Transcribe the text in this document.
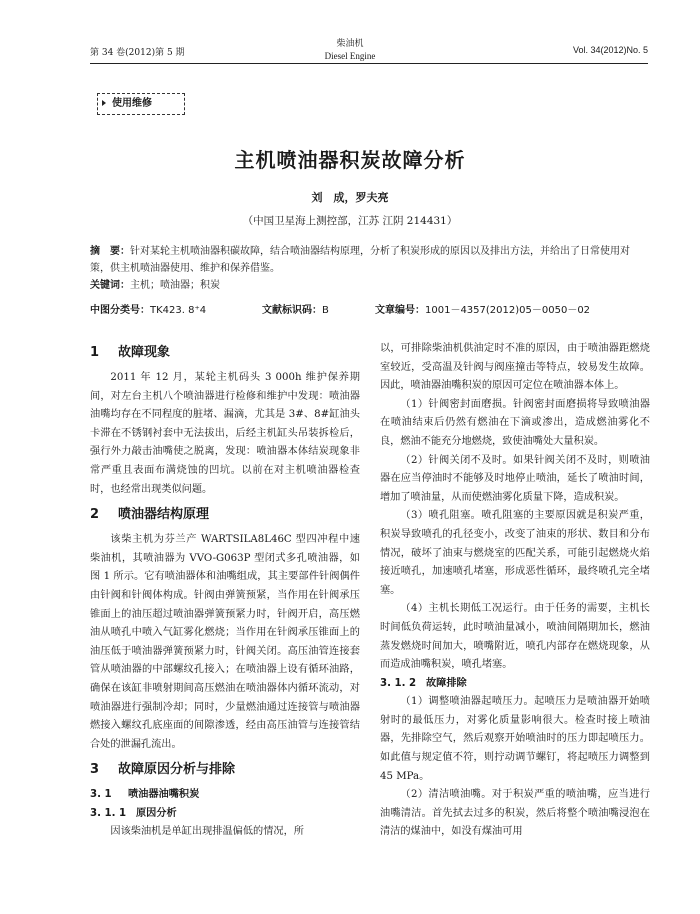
第 34 卷(2012)第 5 期
柴油机
Diesel Engine
Vol. 34(2012)No. 5
使用维修
主机喷油器积炭故障分析
刘　成，罗夫亮
（中国卫星海上测控部，江苏 江阴 214431）

摘　要：针对某轮主机喷油器积碳故障，结合喷油器结构原理，分析了积炭形成的原因以及排出方法，并给出了日常使用对策，供主机喷油器使用、维护和保养借鉴。

关键词：主机；喷油器；积炭

中图分类号：TK423. 8⁺4	文献标识码：B	文章编号：1001－4357(2012)05－0050－02
1 故障现象

2011 年 12 月，某轮主机码头 3 000h 维护保养期间，对左台主机八个喷油器进行检修和维护中发现：喷油器油嘴均存在不同程度的脏堵、漏滴，尤其是 3#、8#缸油头卡滞在不锈钢衬套中无法拔出，后经主机缸头吊装拆检后，强行外力敲击油嘴使之脱离，发现：喷油器本体结炭现象非常严重且表面布满烧蚀的凹坑。以前在对主机喷油器检查时，也经常出现类似问题。

2 喷油器结构原理

该柴主机为芬兰产 WARTSILA8L46C 型四冲程中速柴油机，其喷油器为 VVO-G063P 型闭式多孔喷油器，如图 1 所示。它有喷油器体和油嘴组成，其主要部件针阀偶件由针阀和针阀体构成。针阀由弹簧预紧，当作用在针阀承压锥面上的油压超过喷油器弹簧预紧力时，针阀开启，高压燃油从喷孔中喷入气缸雾化燃烧；当作用在针阀承压锥面上的油压低于喷油器弹簧预紧力时，针阀关闭。高压油管连接套管从喷油器的中部螺纹孔接入；在喷油器上设有循环油路，确保在该缸非喷射期间高压燃油在喷油器体内循环流动，对喷油器进行强制冷却；同时，少量燃油通过连接管与喷油器燃接入螺纹孔底座面的间隙渗透，经由高压油管与连接管结合处的泄漏孔流出。

3 故障原因分析与排除
3. 1 喷油器油嘴积炭
3. 1. 1 原因分析

因该柴油机是单缸出现排温偏低的情况，所

以，可排除柴油机供油定时不准的原因，由于喷油器距燃烧室较近，受高温及针阀与阀座撞击等特点，较易发生故障。因此，喷油器油嘴积炭的原因可定位在喷油器本体上。

（1）针阀密封面磨损。针阀密封面磨损将导致喷油器在喷油结束后仍然有燃油在下滴或渗出，造成燃油雾化不良，燃油不能充分地燃烧，致使油嘴处大量积炭。

（2）针阀关闭不及时。如果针阀关闭不及时，则喷油器在应当停油时不能够及时地停止喷油，延长了喷油时间，增加了喷油量，从而使燃油雾化质量下降，造成积炭。

（3）喷孔阻塞。喷孔阻塞的主要原因就是积炭严重，积炭导致喷孔的孔径变小，改变了油束的形状、数目和分布情况，破坏了油束与燃烧室的匹配关系，可能引起燃烧火焰接近喷孔，加速喷孔堵塞，形成恶性循环，最终喷孔完全堵塞。

（4）主机长期低工况运行。由于任务的需要，主机长时间低负荷运转，此时喷油量减小，喷油间隔期加长，燃油蒸发燃烧时间加大，喷嘴附近，喷孔内部存在燃烧现象，从而造成油嘴积炭，喷孔堵塞。

3. 1. 2 故障排除

（1）调整喷油器起喷压力。起喷压力是喷油器开始喷射时的最低压力，对雾化质量影响很大。检查时接上喷油器，先排除空气，然后观察开始喷油时的压力即起喷压力。如此值与规定值不符，则拧动调节螺钉，将起喷压力调整到 45 MPa。

（2）清洁喷油嘴。对于积炭严重的喷油嘴，应当进行油嘴清洁。首先拭去过多的积炭，然后将整个喷油嘴浸泡在清洁的煤油中，如没有煤油可用
